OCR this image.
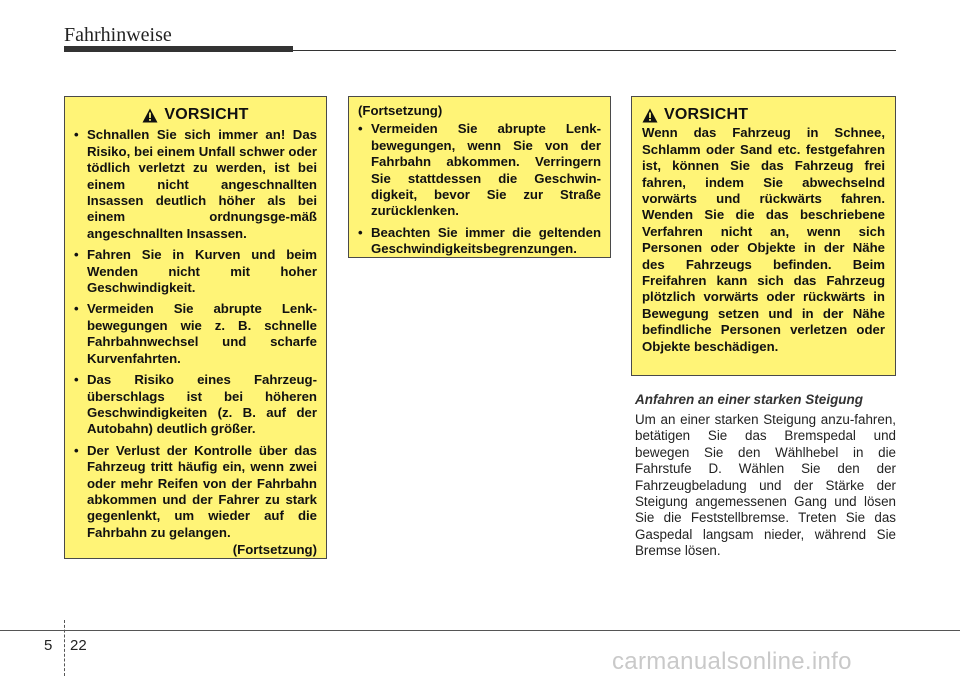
Fahrhinweise
VORSICHT
• Schnallen Sie sich immer an! Das Risiko, bei einem Unfall schwer oder tödlich verletzt zu werden, ist bei einem nicht angeschnallten Insassen deutlich höher als bei einem ordnungsge-mäß angeschnallten Insassen.
• Fahren Sie in Kurven und beim Wenden nicht mit hoher Geschwindigkeit.
• Vermeiden Sie abrupte Lenk-bewegungen wie z. B. schnelle Fahrbahnwechsel und scharfe Kurvenfahrten.
• Das Risiko eines Fahrzeug-überschlags ist bei höheren Geschwindigkeiten (z. B. auf der Autobahn) deutlich größer.
• Der Verlust der Kontrolle über das Fahrzeug tritt häufig ein, wenn zwei oder mehr Reifen von der Fahrbahn abkommen und der Fahrer zu stark gegenlenkt, um wieder auf die Fahrbahn zu gelangen.
(Fortsetzung)
(Fortsetzung)
• Vermeiden Sie abrupte Lenk-bewegungen, wenn Sie von der Fahrbahn abkommen. Verringern Sie stattdessen die Geschwin-digkeit, bevor Sie zur Straße zurücklenken.
• Beachten Sie immer die geltenden Geschwindigkeitsbegrenzungen.
VORSICHT

Wenn das Fahrzeug in Schnee, Schlamm oder Sand etc. festgefahren ist, können Sie das Fahrzeug frei fahren, indem Sie abwechselnd vorwärts und rückwärts fahren. Wenden Sie die das beschriebene Verfahren nicht an, wenn sich Personen oder Objekte in der Nähe des Fahrzeugs befinden. Beim Freifahren kann sich das Fahrzeug plötzlich vorwärts oder rückwärts in Bewegung setzen und in der Nähe befindliche Personen verletzen oder Objekte beschädigen.

Anfahren an einer starken Steigung

Um an einer starken Steigung anzu-fahren, betätigen Sie das Bremspedal und bewegen Sie den Wählhebel in die Fahrstufe D. Wählen Sie den der Fahrzeugbeladung und der Stärke der Steigung angemessenen Gang und lösen Sie die Feststellbremse. Treten Sie das Gaspedal langsam nieder, während Sie Bremse lösen.

5 22
carmanualsonline.info
